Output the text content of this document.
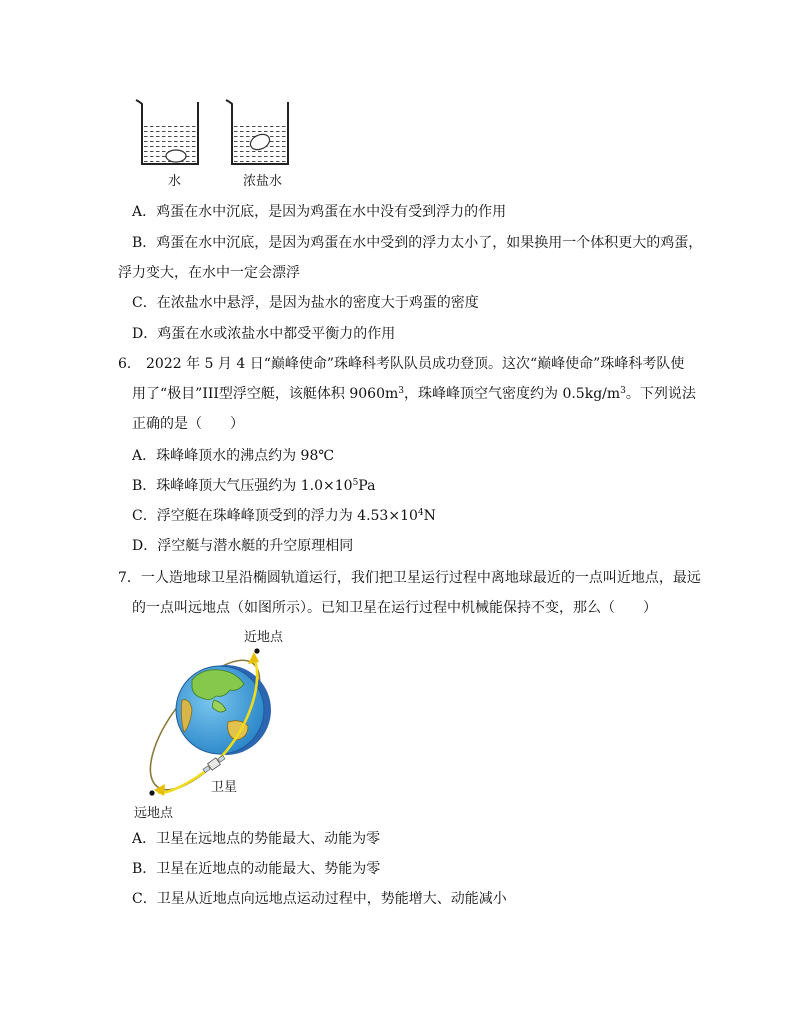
水	浓盐水
A．鸡蛋在水中沉底，是因为鸡蛋在水中没有受到浮力的作用
B．鸡蛋在水中沉底，是因为鸡蛋在水中受到的浮力太小了，如果换用一个体积更大的鸡蛋，
浮力变大，在水中一定会漂浮
C．在浓盐水中悬浮，是因为盐水的密度大于鸡蛋的密度
D．鸡蛋在水或浓盐水中都受平衡力的作用
6． 2022 年 5 月 4 日“巅峰使命”珠峰科考队队员成功登顶。这次“巅峰使命”珠峰科考队使
用了“极目”III型浮空艇，该艇体积 $9060m^3$，珠峰峰顶空气密度约为 $0.5kg/m^3$。下列说法
正确的是（　　）
A．珠峰峰顶水的沸点约为 98℃
B．珠峰峰顶大气压强约为 $1.0\times 10^5Pa$
C．浮空艇在珠峰峰顶受到的浮力为 $4.53\times 10^4N$
D．浮空艇与潜水艇的升空原理相同
7．一人造地球卫星沿椭圆轨道运行，我们把卫星运行过程中离地球最近的一点叫近地点，最远
的一点叫远地点（如图所示）。已知卫星在运行过程中机械能保持不变，那么（　　）
近地点
卫星
远地点
A．卫星在远地点的势能最大、动能为零
B．卫星在近地点的动能最大、势能为零
C．卫星从近地点向远地点运动过程中，势能增大、动能减小
